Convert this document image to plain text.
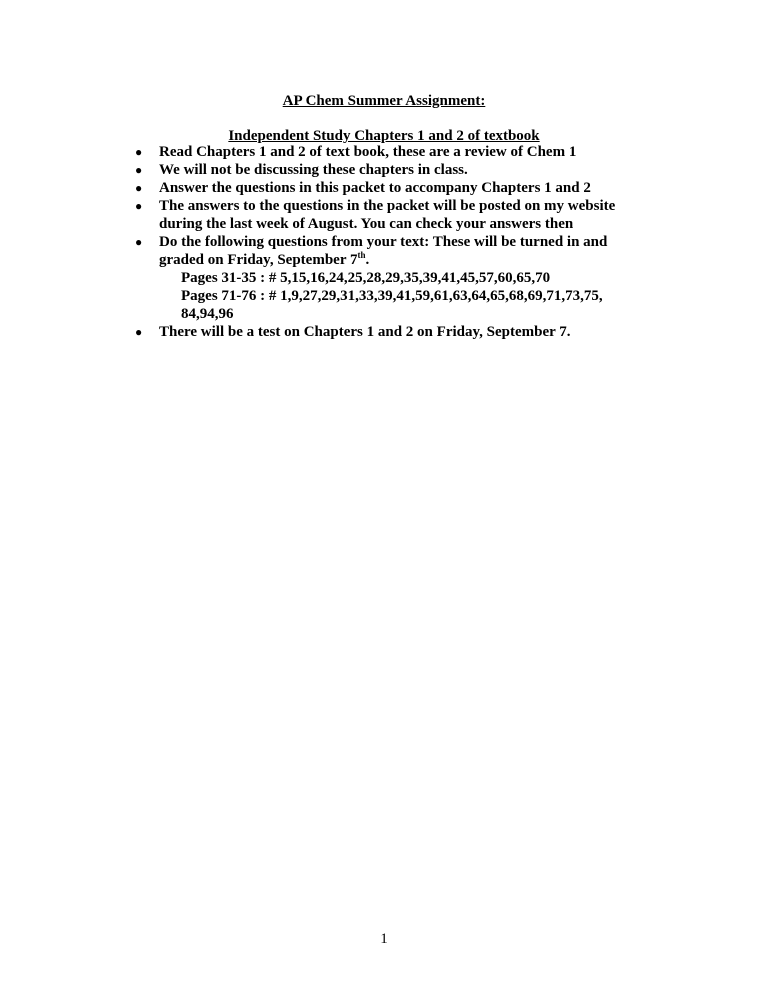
AP Chem Summer Assignment:
Independent Study Chapters 1 and 2 of textbook
● Read Chapters 1 and 2 of text book, these are a review of Chem 1
● We will not be discussing these chapters in class.
● Answer the questions in this packet to accompany Chapters 1 and 2
● The answers to the questions in the packet will be posted on my website
during the last week of August. You can check your answers then
● Do the following questions from your text: These will be turned in and
graded on Friday, September 7th.
Pages 31-35 : # 5,15,16,24,25,28,29,35,39,41,45,57,60,65,70
Pages 71-76 : # 1,9,27,29,31,33,39,41,59,61,63,64,65,68,69,71,73,75,
84,94,96
● There will be a test on Chapters 1 and 2 on Friday, September 7.
1
